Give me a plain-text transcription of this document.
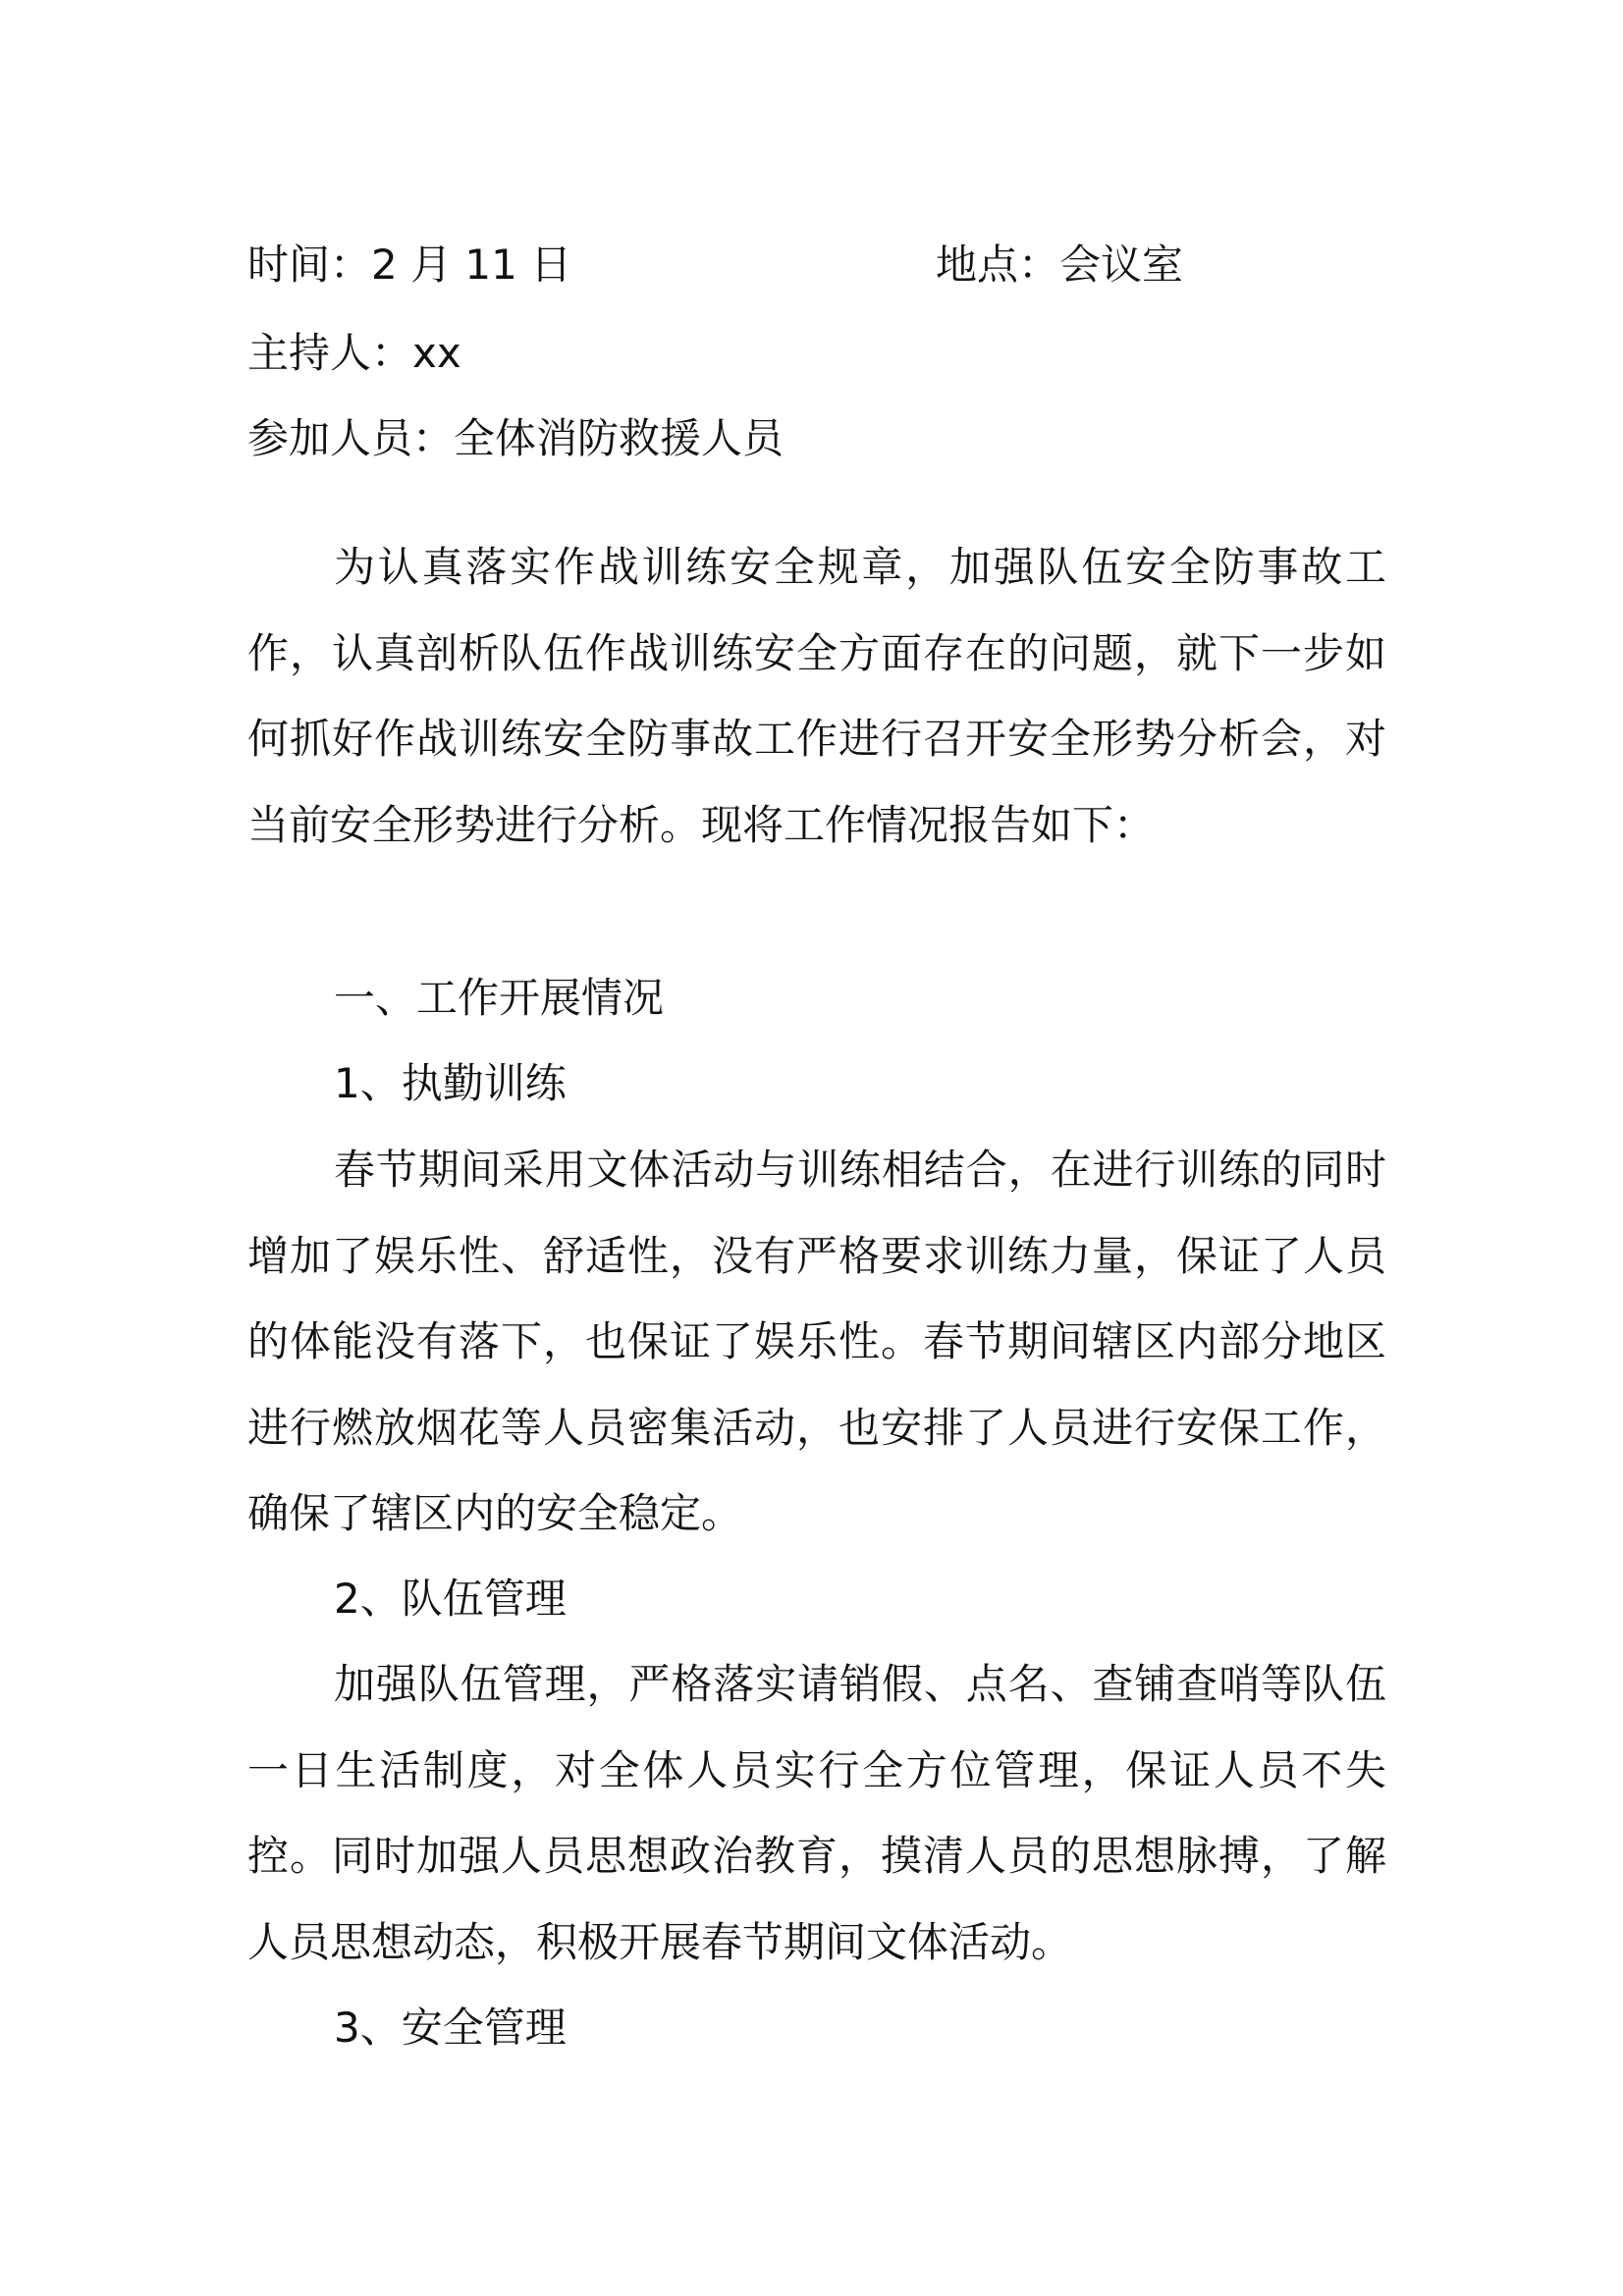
时间：2 月 11 日	地点：会议室
主持人：xx
参加人员：全体消防救援人员

为认真落实作战训练安全规章，加强队伍安全防事故工作，认真剖析队伍作战训练安全方面存在的问题，就下一步如何抓好作战训练安全防事故工作进行召开安全形势分析会，对当前安全形势进行分析。现将工作情况报告如下：

一、工作开展情况

1、执勤训练

春节期间采用文体活动与训练相结合，在进行训练的同时增加了娱乐性、舒适性，没有严格要求训练力量，保证了人员的体能没有落下，也保证了娱乐性。春节期间辖区内部分地区进行燃放烟花等人员密集活动，也安排了人员进行安保工作，确保了辖区内的安全稳定。

2、队伍管理

加强队伍管理，严格落实请销假、点名、查铺查哨等队伍一日生活制度，对全体人员实行全方位管理，保证人员不失控。同时加强人员思想政治教育，摸清人员的思想脉搏，了解人员思想动态，积极开展春节期间文体活动。

3、安全管理
